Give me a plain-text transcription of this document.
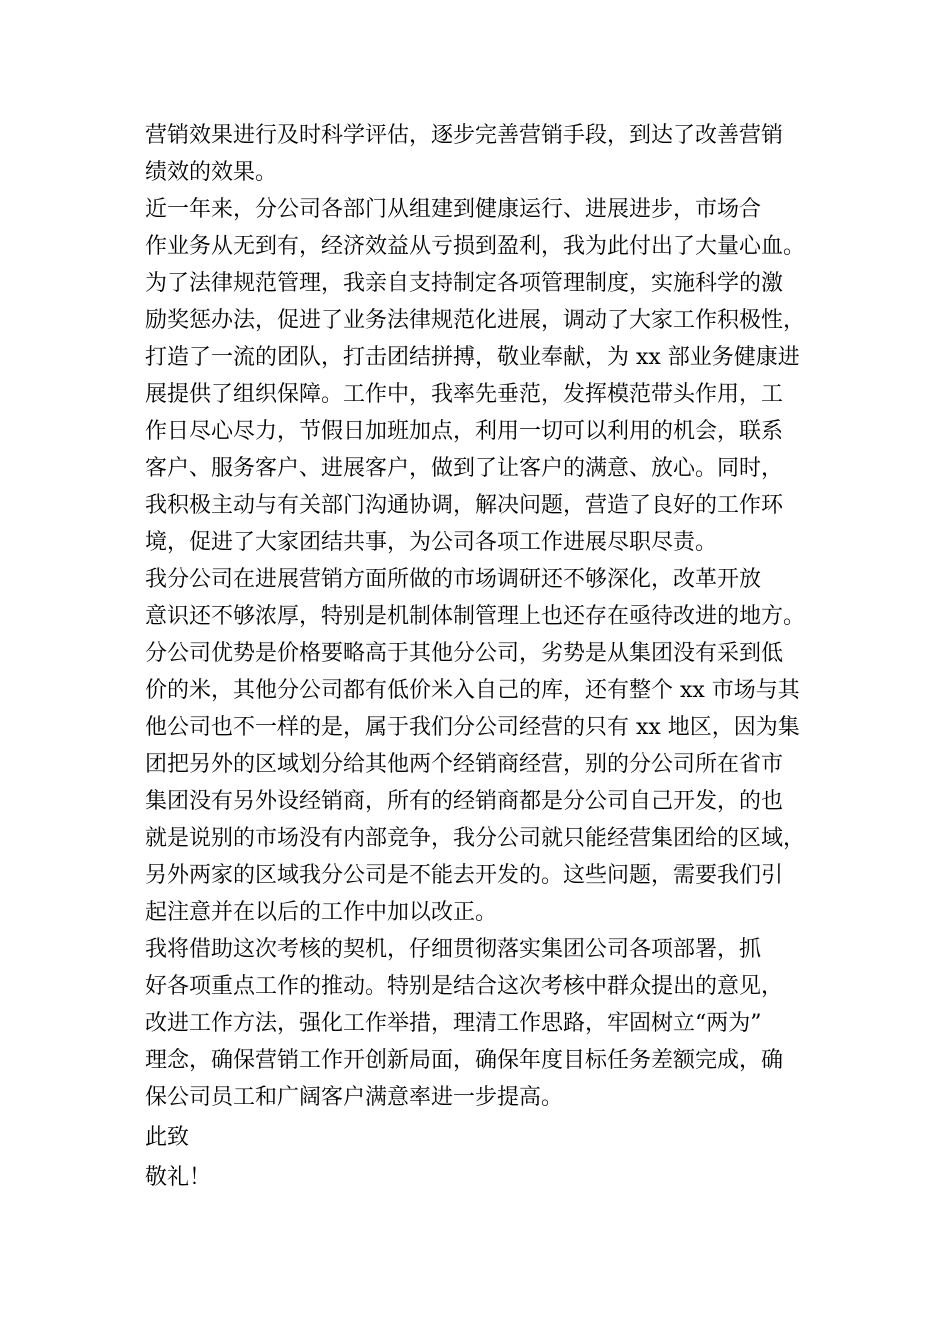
营销效果进行及时科学评估，逐步完善营销手段，到达了改善营销
绩效的效果。
近一年来，分公司各部门从组建到健康运行、进展进步，市场合
作业务从无到有，经济效益从亏损到盈利，我为此付出了大量心血。
为了法律规范管理，我亲自支持制定各项管理制度，实施科学的激
励奖惩办法，促进了业务法律规范化进展，调动了大家工作积极性，
打造了一流的团队，打击团结拼搏，敬业奉献，为 xx 部业务健康进
展提供了组织保障。工作中，我率先垂范，发挥模范带头作用，工
作日尽心尽力，节假日加班加点，利用一切可以利用的机会，联系
客户、服务客户、进展客户，做到了让客户的满意、放心。同时，
我积极主动与有关部门沟通协调，解决问题，营造了良好的工作环
境，促进了大家团结共事，为公司各项工作进展尽职尽责。
我分公司在进展营销方面所做的市场调研还不够深化，改革开放
意识还不够浓厚，特别是机制体制管理上也还存在亟待改进的地方。
分公司优势是价格要略高于其他分公司，劣势是从集团没有采到低
价的米，其他分公司都有低价米入自己的库，还有整个 xx 市场与其
他公司也不一样的是，属于我们分公司经营的只有 xx 地区，因为集
团把另外的区域划分给其他两个经销商经营，别的分公司所在省市
集团没有另外设经销商，所有的经销商都是分公司自己开发，的也
就是说别的市场没有内部竞争，我分公司就只能经营集团给的区域，
另外两家的区域我分公司是不能去开发的。这些问题，需要我们引
起注意并在以后的工作中加以改正。
我将借助这次考核的契机，仔细贯彻落实集团公司各项部署，抓
好各项重点工作的推动。特别是结合这次考核中群众提出的意见，
改进工作方法，强化工作举措，理清工作思路，牢固树立“两为”
理念，确保营销工作开创新局面，确保年度目标任务差额完成，确
保公司员工和广阔客户满意率进一步提高。
此致
敬礼！
